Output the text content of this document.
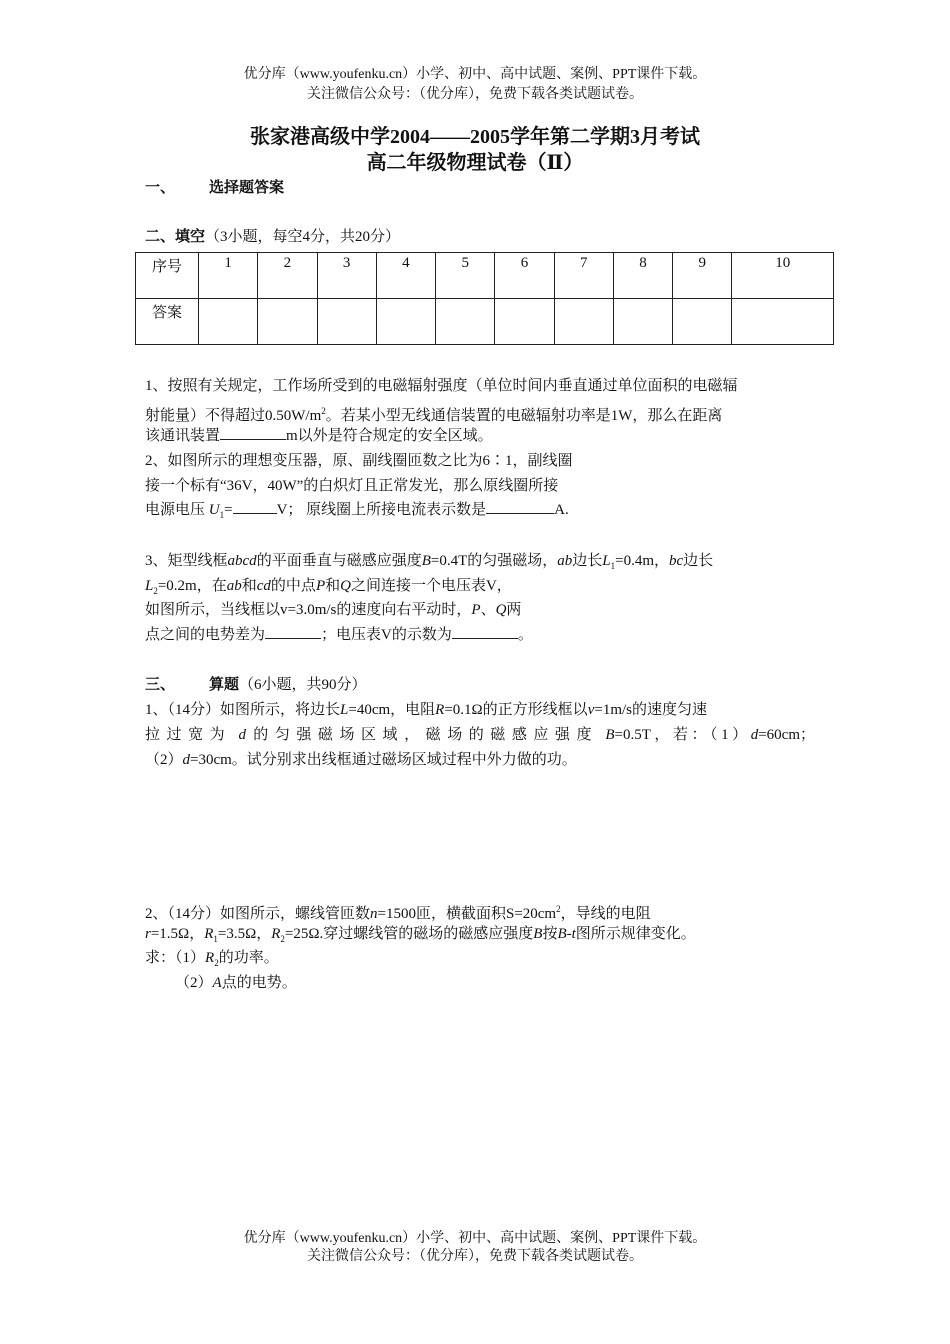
优分库（www.youfenku.cn）小学、初中、高中试题、案例、PPT课件下载。
关注微信公众号：（优分库），免费下载各类试题试卷。
张家港高级中学2004——2005学年第二学期3月考试
高二年级物理试卷（Ⅱ）
一、 选择题答案
二、填空（3小题，每空4分，共20分）
序号	1	2	3	4	5	6	7	8	9	10
答案										
1、按照有关规定，工作场所受到的电磁辐射强度（单位时间内垂直通过单位面积的电磁辐
射能量）不得超过$0.50W/m^2$。若某小型无线通信装置的电磁辐射功率是1W，那么在距离
该通讯装置	m以外是符合规定的安全区域。
2、如图所示的理想变压器，原、副线圈匝数之比为6∶1，副线圈
接一个标有“36V，40W”的白炽灯且正常发光，那么原线圈所接
电源电压 $U_1=$	V； 原线圈上所接电流表示数是	A.
3、矩型线框abcd的平面垂直与磁感应强度B=0.4T的匀强磁场，ab边长$L_1=0.4m$，bc边长
$L_2=0.2m$，在ab和cd的中点P和Q之间连接一个电压表V，
如图所示，当线框以v=3.0m/s的速度向右平动时，P、Q两
点之间的电势差为	；电压表V的示数为	。
三、 算题（6小题，共90分）
1、（14分）如图所示，将边长L=40cm，电阻R=0.1Ω的正方形线框以v=1m/s的速度匀速
拉过宽为 d 的匀强磁场区域，磁场的磁感应强度 B=0.5T，若：（1）d=60cm；
（2）d=30cm。试分别求出线框通过磁场区域过程中外力做的功。
2、（14分）如图所示，螺线管匝数n=1500匝，横截面积$S=20cm^2$，导线的电阻
r=1.5Ω，$R_1=3.5\Omega$，$R_2=25\Omega$.穿过螺线管的磁场的磁感应强度B按B-t图所示规律变化。
求：$(1)R_2$的功率。
（2）A点的电势。
优分库（www.youfenku.cn）小学、初中、高中试题、案例、PPT课件下载。
关注微信公众号：（优分库），免费下载各类试题试卷。
